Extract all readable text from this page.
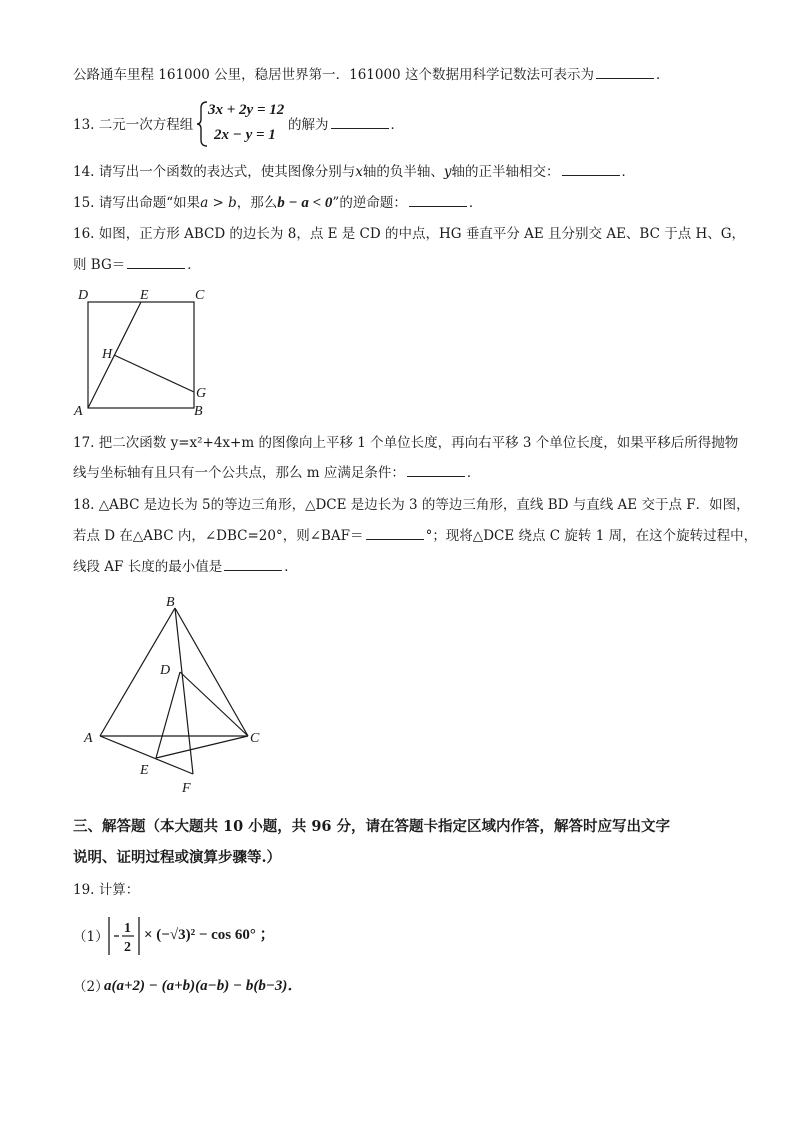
公路通车里程 161000 公里，稳居世界第一．161000 这个数据用科学记数法可表示为	．
13. 二元一次方程组
3x + 2y = 12
2x − y = 1
的解为	．
14. 请写出一个函数的表达式，使其图像分别与x轴的负半轴、y轴的正半轴相交：	．
15. 请写出命题“如果a > b，那么b − a < 0”的逆命题：	．
16. 如图，正方形 ABCD 的边长为 8，点 E 是 CD 的中点，HG 垂直平分 AE 且分别交 AE、BC 于点 H、G，
则 BG＝	．
D	E	C
H
G
A	B
17. 把二次函数 y=x²+4x+m 的图像向上平移 1 个单位长度，再向右平移 3 个单位长度，如果平移后所得抛物
线与坐标轴有且只有一个公共点，那么 m 应满足条件：	．
18. △ABC 是边长为 5的等边三角形，△DCE 是边长为 3 的等边三角形，直线 BD 与直线 AE 交于点 F．如图，
若点 D 在△ABC 内，∠DBC=20°，则∠BAF＝	°；现将△DCE 绕点 C 旋转 1 周，在这个旋转过程中，
线段 AF 长度的最小值是	．
B
D
A	C
E
F
三、解答题（本大题共 10 小题，共 96 分，请在答题卡指定区域内作答，解答时应写出文字
说明、证明过程或演算步骤等.）
19. 计算：
（1）
1
2
× (−√3)² − cos 60° ；
（2）
a(a+2) − (a+b)(a−b) − b(b−3)．
